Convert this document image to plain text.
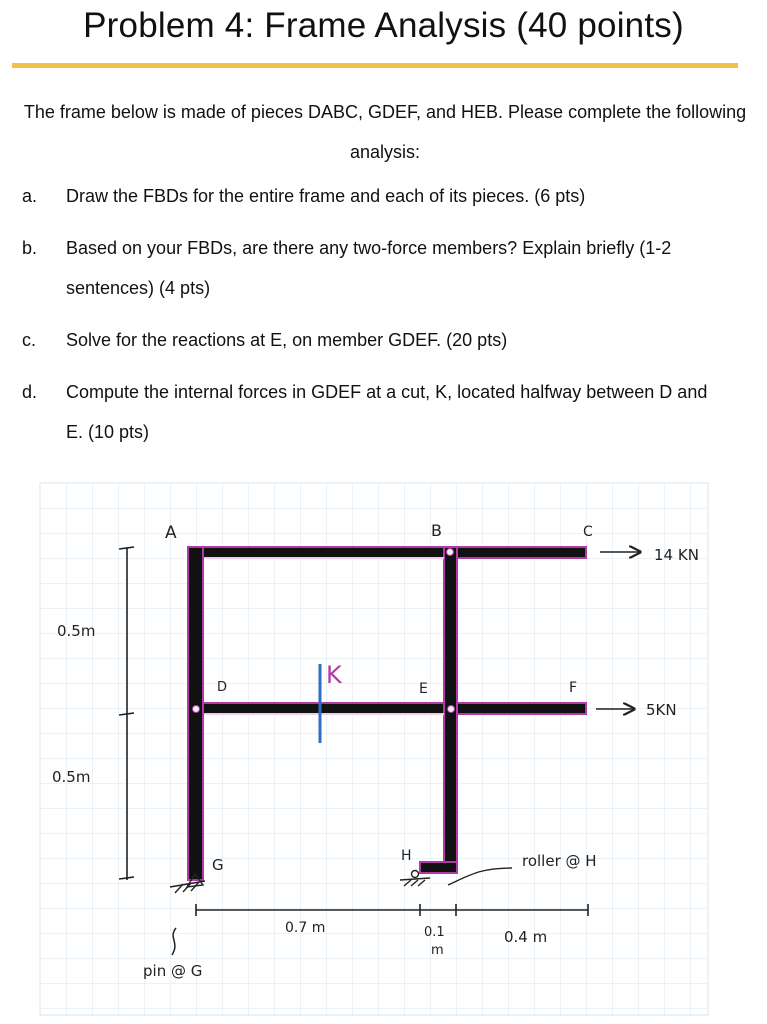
Problem 4: Frame Analysis (40 points)
The frame below is made of pieces DABC, GDEF, and HEB. Please complete the following analysis:
a. Draw the FBDs for the entire frame and each of its pieces. (6 pts)
b. Based on your FBDs, are there any two-force members? Explain briefly (1-2 sentences) (4 pts)
c. Solve for the reactions at E, on member GDEF. (20 pts)
d. Compute the internal forces in GDEF at a cut, K, located halfway between D and E. (10 pts)
A	B	C
D	E	F
G	H
K
14 KN
5KN
0.5m
0.5m
0.7 m	0.1
m
0.4 m
pin @ G
roller @ H
